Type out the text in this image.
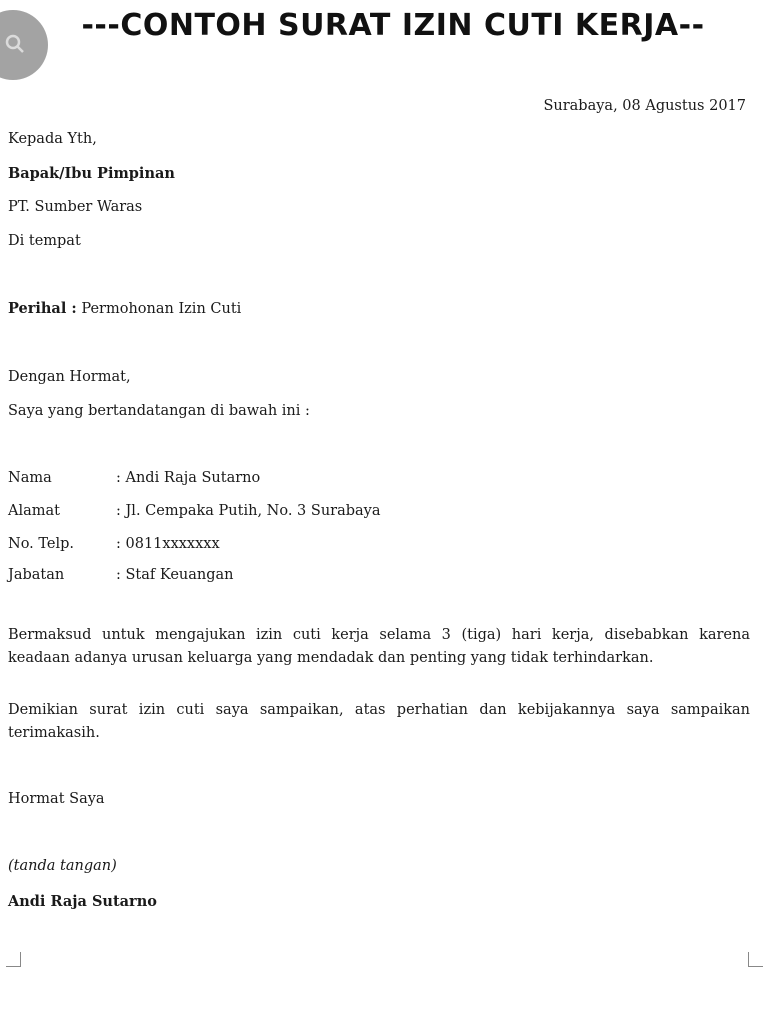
---CONTOH SURAT IZIN CUTI KERJA--
Surabaya, 08 Agustus 2017
Kepada Yth,
Bapak/Ibu Pimpinan
PT. Sumber Waras
Di tempat
Perihal : Permohonan Izin Cuti
Dengan Hormat,
Saya yang bertandatangan di bawah ini :
Nama	: Andi Raja Sutarno
Alamat	: Jl. Cempaka Putih, No. 3 Surabaya
No. Telp.	: 0811xxxxxxx
Jabatan	: Staf Keuangan
Bermaksud untuk mengajukan izin cuti kerja selama 3 (tiga) hari kerja, disebabkan karena
keadaan adanya urusan keluarga yang mendadak dan penting yang tidak terhindarkan.
Demikian surat izin cuti saya sampaikan, atas perhatian dan kebijakannya saya sampaikan
terimakasih.
Hormat Saya
(tanda tangan)
Andi Raja Sutarno
